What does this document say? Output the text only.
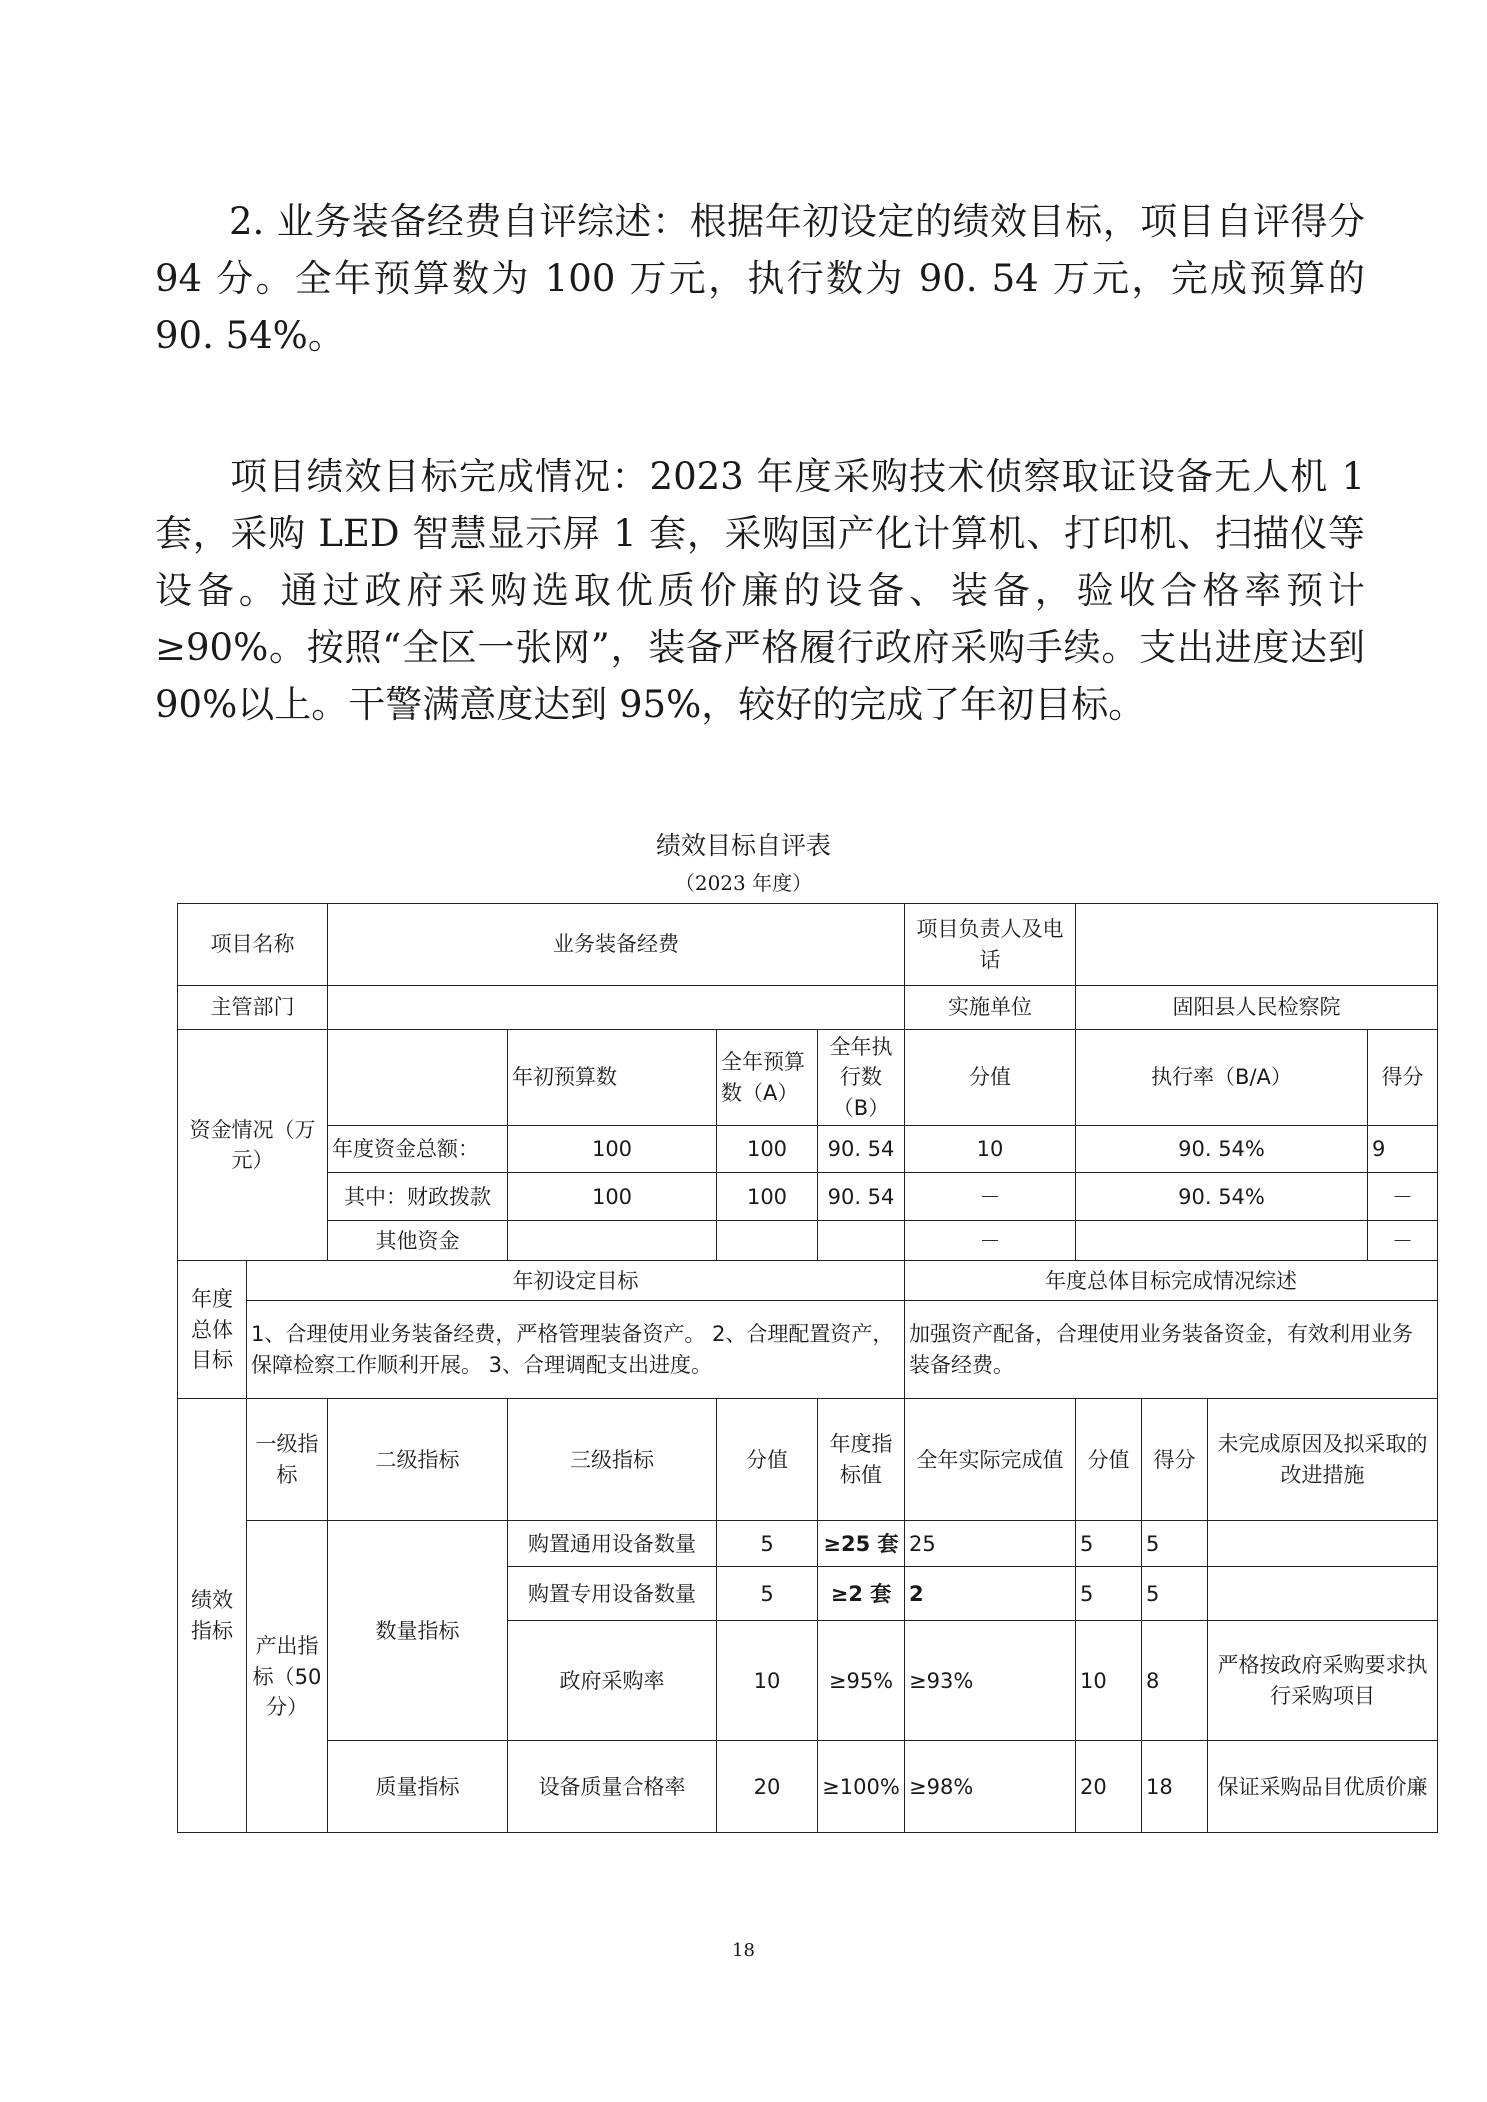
2. 业务装备经费自评综述：根据年初设定的绩效目标，项目自评得分 94 分。全年预算数为 100 万元，执行数为 90. 54 万元，完成预算的 90. 54%。

项目绩效目标完成情况：2023 年度采购技术侦察取证设备无人机 1 套，采购 LED 智慧显示屏 1 套，采购国产化计算机、打印机、扫描仪等设备。通过政府采购选取优质价廉的设备、装备，验收合格率预计≥90%。按照“全区一张网”，装备严格履行政府采购手续。支出进度达到 90%以上。干警满意度达到 95%，较好的完成了年初目标。

绩效目标自评表
（2023 年度）
项目名称		业务装备经费				项目负责人及电话				
主管部门						实施单位	固阳县人民检察院			
资金情况（万元）			年初预算数	全年预算数（A）	全年执行数（B）	分值	执行率（B/A）			得分
		年度资金总额：	100	100	90. 54	10	90. 54%			9
		其中：财政拨款	100	100	90. 54	－	90. 54%			－
		其他资金				－				－
年度总体目标	年初设定目标					年度总体目标完成情况综述				
	1、合理使用业务装备经费，严格管理装备资产。 2、合理配置资产，保障检察工作顺利开展。 3、合理调配支出进度。					加强资产配备，合理使用业务装备资金，有效利用业务装备经费。				
绩效指标	一级指标	二级指标	三级指标	分值	年度指标值	全年实际完成值	分值	得分	未完成原因及拟采取的改进措施	
	产出指标（50分）	数量指标	购置通用设备数量	5	≥25 套	25	5	5		
			购置专用设备数量	5	≥2 套	2	5	5		
			政府采购率	10	≥95%	≥93%	10	8	严格按政府采购要求执行采购项目	
		质量指标	设备质量合格率	20	≥100%	≥98%	20	18	保证采购品目优质价廉	
18
